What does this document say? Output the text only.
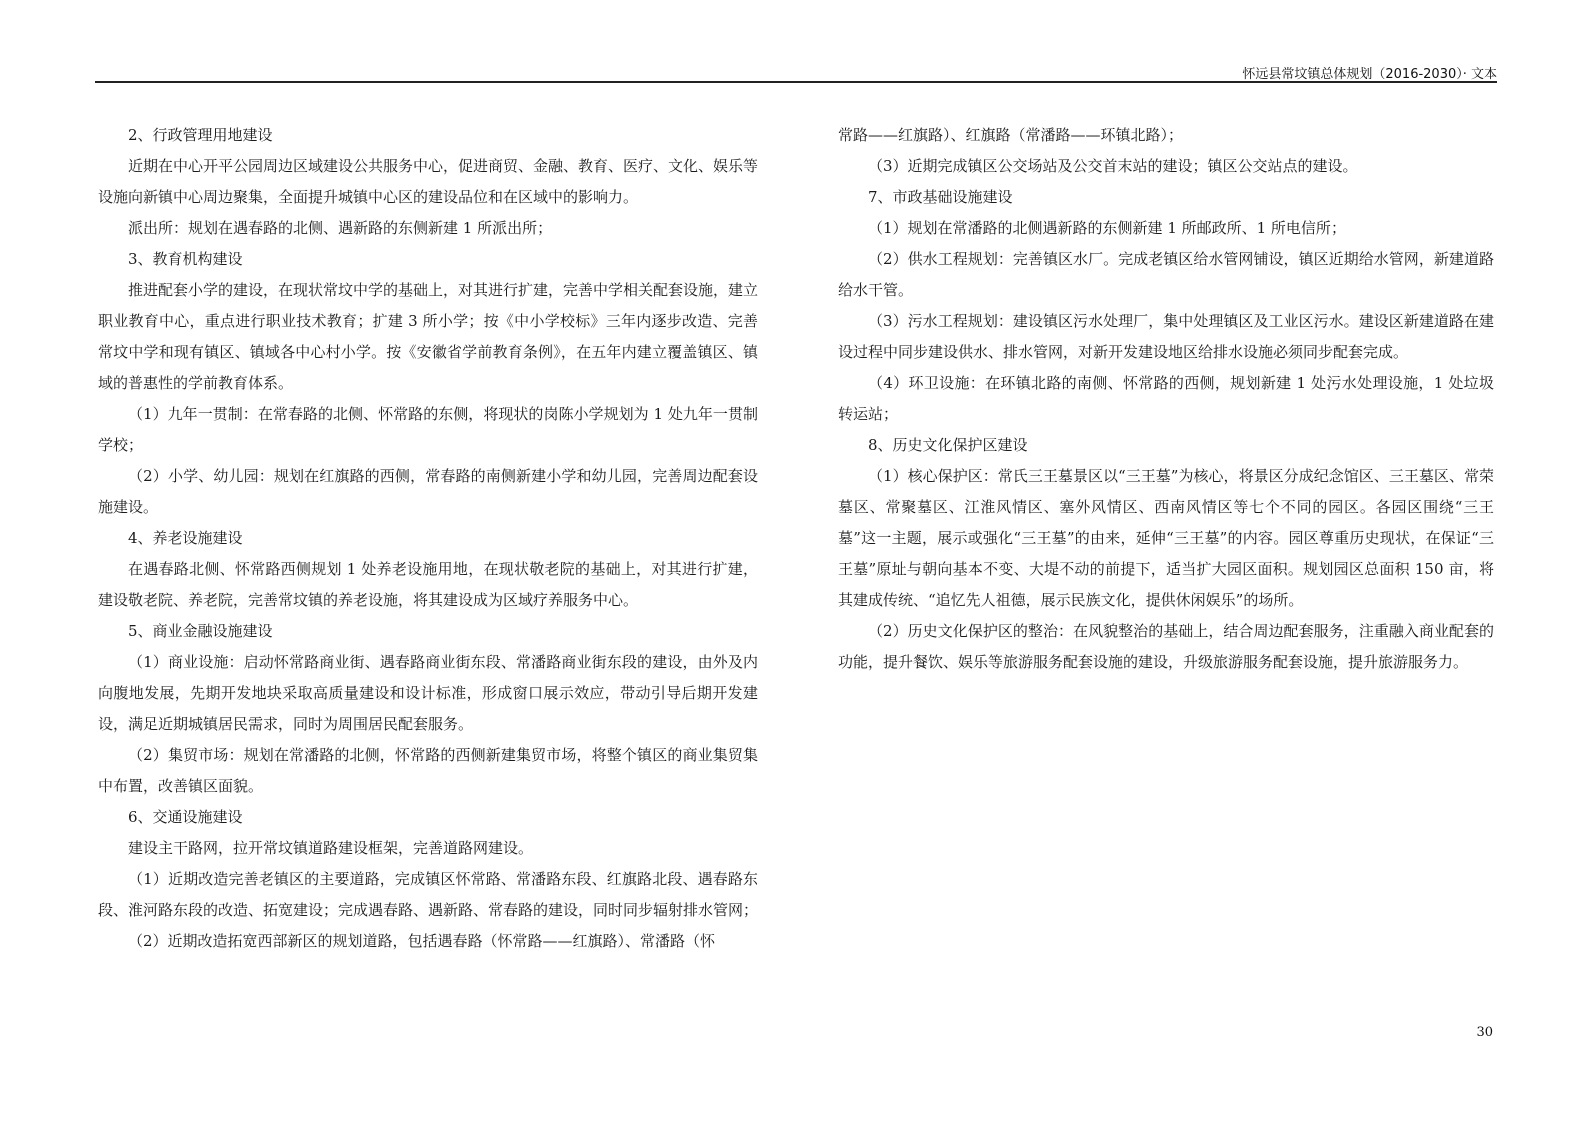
怀远县常坟镇总体规划（2016-2030）· 文本

2、行政管理用地建设

近期在中心开平公园周边区域建设公共服务中心，促进商贸、金融、教育、医疗、文化、娱乐等设施向新镇中心周边聚集，全面提升城镇中心区的建设品位和在区域中的影响力。

派出所：规划在遇春路的北侧、遇新路的东侧新建 1 所派出所；

3、教育机构建设

推进配套小学的建设，在现状常坟中学的基础上，对其进行扩建，完善中学相关配套设施，建立职业教育中心，重点进行职业技术教育；扩建 3 所小学；按《中小学校标》三年内逐步改造、完善常坟中学和现有镇区、镇域各中心村小学。按《安徽省学前教育条例》，在五年内建立覆盖镇区、镇域的普惠性的学前教育体系。

（1）九年一贯制：在常春路的北侧、怀常路的东侧，将现状的岗陈小学规划为 1 处九年一贯制学校；

（2）小学、幼儿园：规划在红旗路的西侧，常春路的南侧新建小学和幼儿园，完善周边配套设施建设。

4、养老设施建设

在遇春路北侧、怀常路西侧规划 1 处养老设施用地，在现状敬老院的基础上，对其进行扩建，建设敬老院、养老院，完善常坟镇的养老设施，将其建设成为区域疗养服务中心。

5、商业金融设施建设

（1）商业设施：启动怀常路商业街、遇春路商业街东段、常潘路商业街东段的建设，由外及内向腹地发展，先期开发地块采取高质量建设和设计标准，形成窗口展示效应，带动引导后期开发建设，满足近期城镇居民需求，同时为周围居民配套服务。

（2）集贸市场：规划在常潘路的北侧，怀常路的西侧新建集贸市场，将整个镇区的商业集贸集中布置，改善镇区面貌。

6、交通设施建设

建设主干路网，拉开常坟镇道路建设框架，完善道路网建设。

（1）近期改造完善老镇区的主要道路，完成镇区怀常路、常潘路东段、红旗路北段、遇春路东段、淮河路东段的改造、拓宽建设；完成遇春路、遇新路、常春路的建设，同时同步辐射排水管网；

（2）近期改造拓宽西部新区的规划道路，包括遇春路（怀常路——红旗路）、常潘路（怀

常路——红旗路）、红旗路（常潘路——环镇北路）；

（3）近期完成镇区公交场站及公交首末站的建设；镇区公交站点的建设。

7、市政基础设施建设

（1）规划在常潘路的北侧遇新路的东侧新建 1 所邮政所、1 所电信所；

（2）供水工程规划：完善镇区水厂。完成老镇区给水管网铺设，镇区近期给水管网，新建道路给水干管。

（3）污水工程规划：建设镇区污水处理厂，集中处理镇区及工业区污水。建设区新建道路在建设过程中同步建设供水、排水管网，对新开发建设地区给排水设施必须同步配套完成。

（4）环卫设施：在环镇北路的南侧、怀常路的西侧，规划新建 1 处污水处理设施，1 处垃圾转运站；

8、历史文化保护区建设

（1）核心保护区：常氏三王墓景区以“三王墓”为核心，将景区分成纪念馆区、三王墓区、常荣墓区、常聚墓区、江淮风情区、塞外风情区、西南风情区等七个不同的园区。各园区围绕“三王墓”这一主题，展示或强化“三王墓”的由来，延伸“三王墓”的内容。园区尊重历史现状，在保证“三王墓”原址与朝向基本不变、大堤不动的前提下，适当扩大园区面积。规划园区总面积 150 亩，将其建成传统、“追忆先人祖德，展示民族文化，提供休闲娱乐”的场所。

（2）历史文化保护区的整治：在风貌整治的基础上，结合周边配套服务，注重融入商业配套的功能，提升餐饮、娱乐等旅游服务配套设施的建设，升级旅游服务配套设施，提升旅游服务力。

30
